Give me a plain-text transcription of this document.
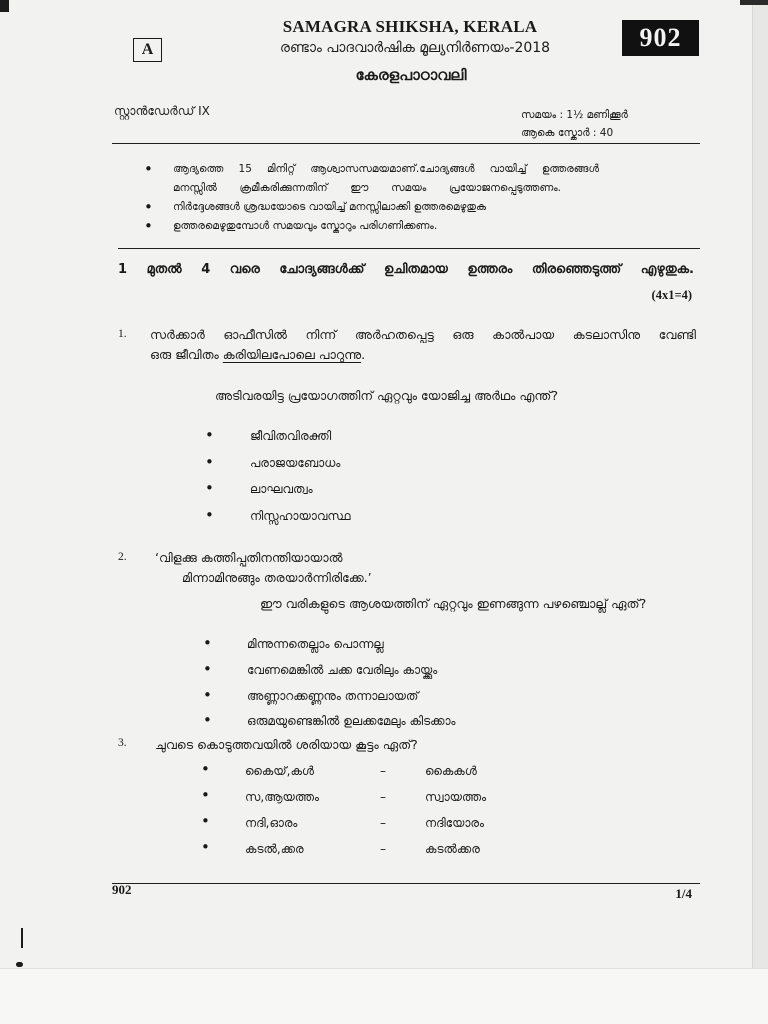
SAMAGRA SHIKSHA, KERALA
A	902
രണ്ടാം പാദവാർഷിക മൂല്യനിർണയം-2018
കേരളപാഠാവലി
സ്റ്റാൻഡേർഡ് IX	സമയം : 1½ മണിക്കൂർ
ആകെ സ്കോർ : 40
• ആദ്യത്തെ 15 മിനിറ്റ് ആശ്വാസസമയമാണ്.ചോദ്യങ്ങൾ വായിച്ച് ഉത്തരങ്ങൾ
മനസ്സിൽ ക്രമീകരിക്കുന്നതിന് ഈ സമയം പ്രയോജനപ്പെടുത്തണം.
• നിർദ്ദേശങ്ങൾ ശ്രദ്ധയോടെ വായിച്ച് മനസ്സിലാക്കി ഉത്തരമെഴുതുക
• ഉത്തരമെഴുതുമ്പോൾ സമയവും സ്കോറും പരിഗണിക്കണം.
1 മുതൽ 4 വരെ ചോദ്യങ്ങൾക്ക് ഉചിതമായ ഉത്തരം തിരഞ്ഞെടുത്ത് എഴുതുക.
(4x1=4)
1. സർക്കാർ ഓഫീസിൽ നിന്ന് അർഹതപ്പെട്ട ഒരു കാൽപായ കടലാസിനു വേണ്ടി
ഒരു ജീവിതം കരിയിലപോലെ പാറുന്നു.
അടിവരയിട്ട പ്രയോഗത്തിന് ഏറ്റവും യോജിച്ച അർഥം എന്ത്?
•	ജീവിതവിരക്തി
•	പരാജയബോധം
•	ലാഘവത്വം
•	നിസ്സഹായാവസ്ഥ
2. ‘വിളക്കു കത്തിപ്പതിനന്തിയായാൽ
മിന്നാമിനുങ്ങും തരയാർന്നിരിക്കേ.’
ഈ വരികളുടെ ആശയത്തിന് ഏറ്റവും ഇണങ്ങുന്ന പഴഞ്ചൊല്ല് ഏത്?
•	മിന്നുന്നതെല്ലാം പൊന്നല്ല
•	വേണമെങ്കിൽ ചക്ക വേരിലും കായ്ക്കും
•	അണ്ണാറക്കണ്ണനും തന്നാലായത്
•	ഒരുമയുണ്ടെങ്കിൽ ഉലക്കമേലും കിടക്കാം
3. ചുവടെ കൊടുത്തവയിൽ ശരിയായ കൂട്ടം ഏത്?
•	കൈയ്,കൾ	–	കൈകൾ
•	സ,ആയത്തം	–	സ്വായത്തം
•	നദി,ഓരം	–	നദിയോരം
•	കടൽ,ക്കര	–	കടൽക്കര
902	1/4
